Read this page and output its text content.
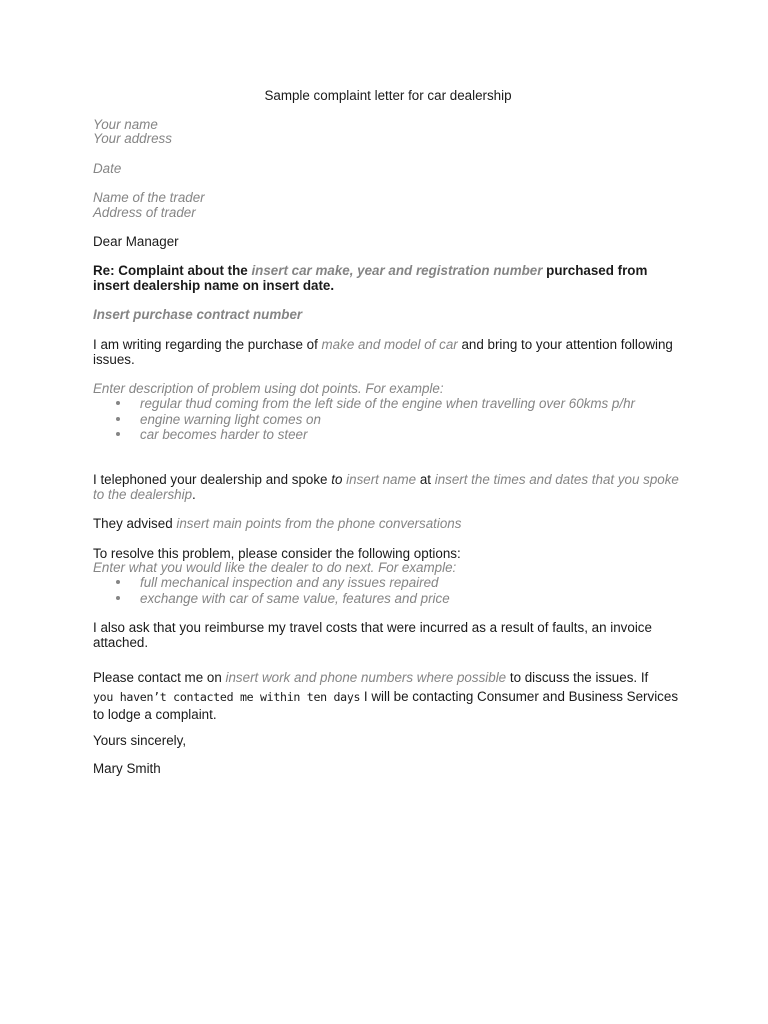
Sample complaint letter for car dealership
Your name
Your address
Date
Name of the trader
Address of trader
Dear Manager
Re: Complaint about the insert car make, year and registration number purchased from insert dealership name on insert date.
Insert purchase contract number
I am writing regarding the purchase of make and model of car and bring to your attention following issues.
Enter description of problem using dot points. For example:
regular thud coming from the left side of the engine when travelling over 60kms p/hr
engine warning light comes on
car becomes harder to steer
I telephoned your dealership and spoke to insert name at insert the times and dates that you spoke to the dealership.
They advised insert main points from the phone conversations
To resolve this problem, please consider the following options:
Enter what you would like the dealer to do next. For example:
full mechanical inspection and any issues repaired
exchange with car of same value, features and price
I also ask that you reimburse my travel costs that were incurred as a result of faults, an invoice attached.
Please contact me on insert work and phone numbers where possible to discuss the issues. If
you haven’t contacted me within ten days I will be contacting Consumer and Business Services to lodge a complaint.
Yours sincerely,
Mary Smith
